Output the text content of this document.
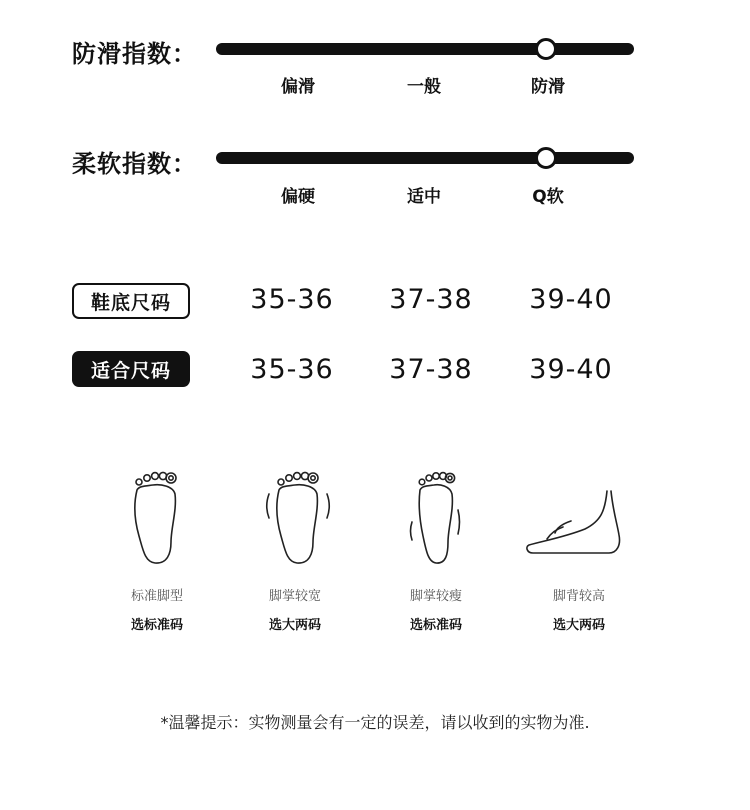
防滑指数：
偏滑	一般	防滑
柔软指数：
偏硬	适中	Q软
鞋底尺码	35-36	37-38	39-40
适合尺码	35-36	37-38	39-40
标准脚型
选标准码
脚掌较宽
选大两码
脚掌较瘦
选标准码
脚背较高
选大两码
*温馨提示：实物测量会有一定的误差，请以收到的实物为准.
